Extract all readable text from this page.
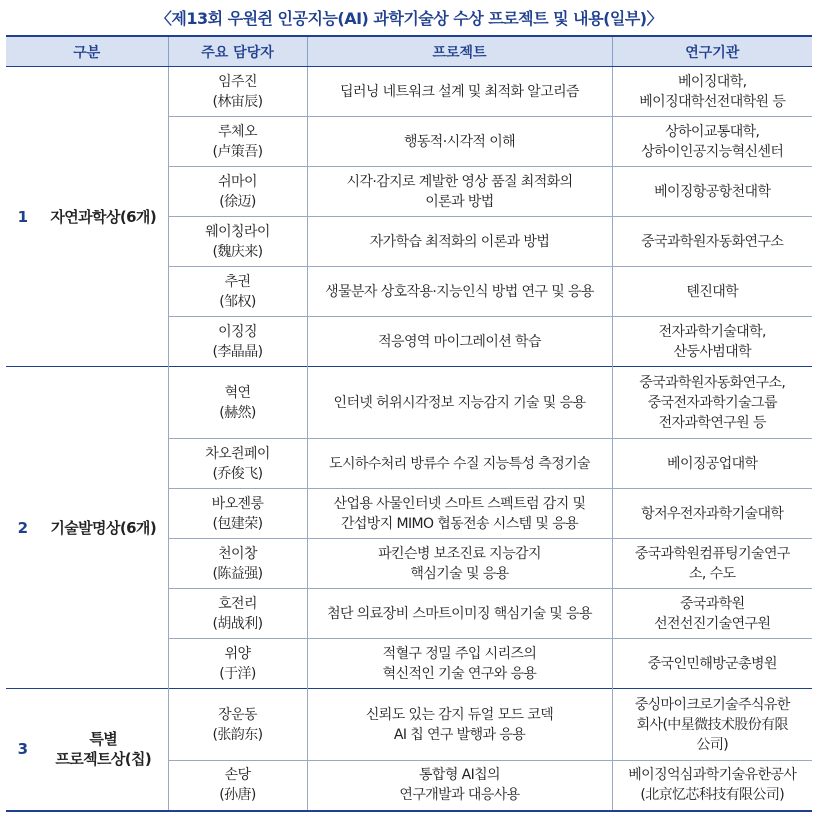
〈제13회 우원쥔 인공지능(AI) 과학기술상 수상 프로젝트 및 내용(일부)〉
구분		주요 담당자	프로젝트	연구기관
1	자연과학상(6개)	임주진
(林宙辰)	딥러닝 네트워크 설계 및 최적화 알고리즘	베이징대학,
베이징대학선전대학원 등

		루체오
(卢策吾)	행동적·시각적 이해	상하이교통대학,
상하이인공지능혁신센터

		쉬마이
(徐迈)	시각·감지로 계발한 영상 품질 최적화의
이론과 방법	베이징항공항천대학

		웨이칭라이
(魏庆来)	자가학습 최적화의 이론과 방법	중국과학원자동화연구소

		추권
(邹权)	생물분자 상호작용·지능인식 방법 연구 및 응용	톈진대학

		이징징
(李晶晶)	적응영역 마이그레이션 학습	전자과학기술대학,
산둥사범대학

2	기술발명상(6개)	혁연
(赫然)	인터넷 허위시각정보 지능감지 기술 및 응용	중국과학원자동화연구소,
중국전자과학기술그룹
전자과학연구원 등

		차오쥔페이
(乔俊飞)	도시하수처리 방류수 수질 지능특성 측정기술	베이징공업대학

		바오젠룽
(包建荣)	산업용 사물인터넷 스마트 스펙트럼 감지 및
간섭방지 MIMO 협동전송 시스템 및 응용	항저우전자과학기술대학

		천이창
(陈益强)	파킨슨병 보조진료 지능감지
핵심기술 및 응용	중국과학원컴퓨팅기술연구
소, 수도

		호전리
(胡战利)	첨단 의료장비 스마트이미징 핵심기술 및 응용	중국과학원
선전선진기술연구원

		위양
(于洋)	적혈구 정밀 주입 시리즈의
혁신적인 기술 연구와 응용	중국인민해방군총병원

3	특별
프로젝트상(칩)	장운동
(张韵东)	신뢰도 있는 감지 듀얼 모드 코덱
AI 칩 연구 발행과 응용	중싱마이크로기술주식유한
회사(中星微技术股份有限
公司)

		손당
(孙唐)	통합형 AI칩의
연구개발과 대응사용	베이징억심과학기술유한공사
(北京忆芯科技有限公司)
